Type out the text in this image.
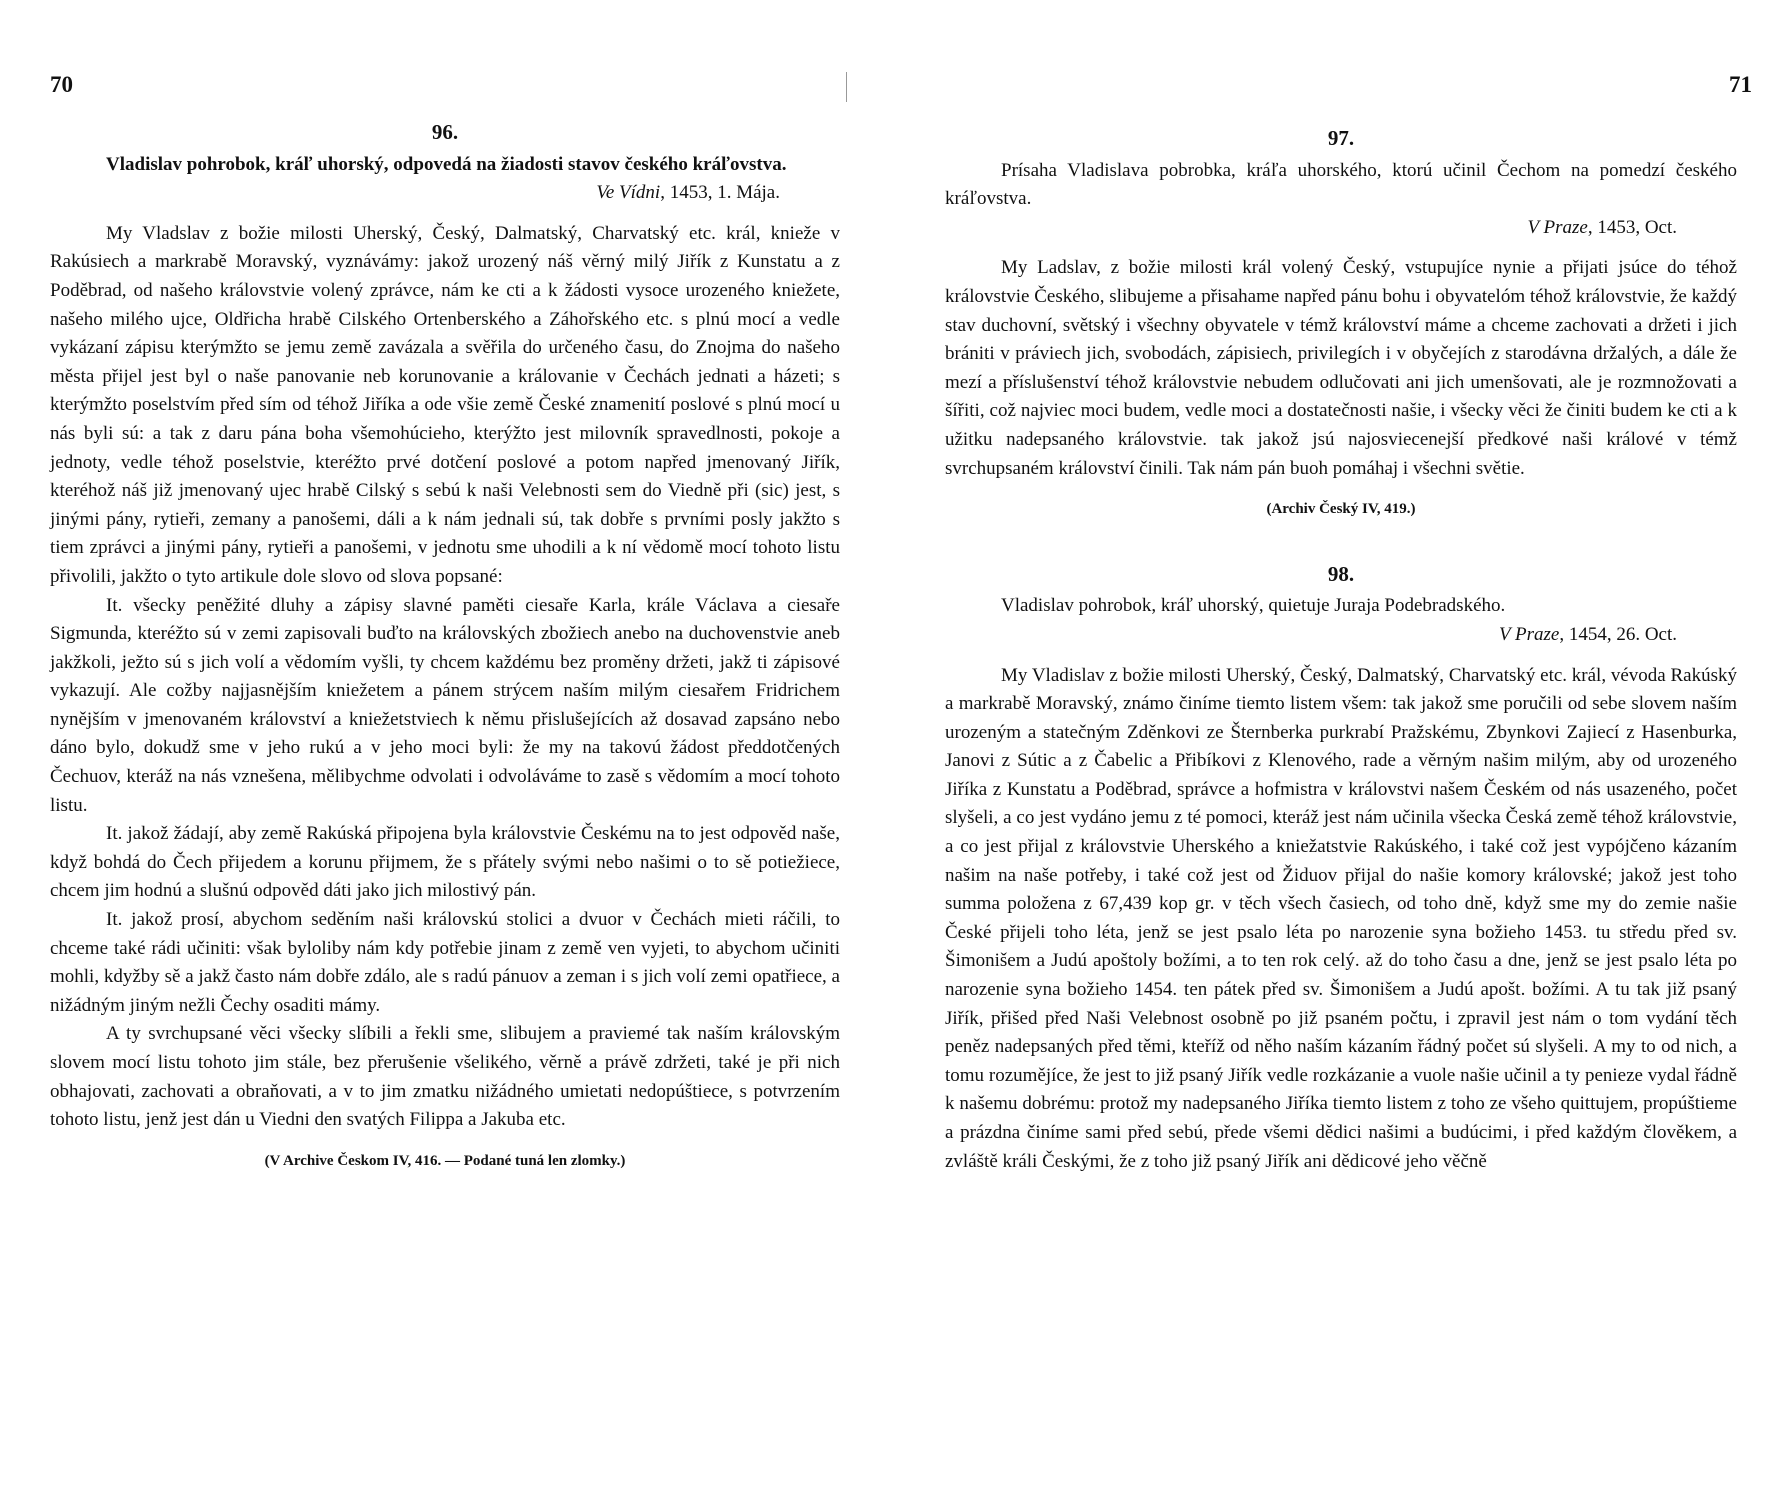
70

96.

Vladislav pohrobok, kráľ uhorský, odpovedá na žiadosti stavov českého kráľovstva.

Ve Vídni, 1453, 1. Mája.

My Vladslav z božie milosti Uherský, Český, Dalmatský, Charvatský etc. král, knieže v Rakúsiech a markrabě Moravský, vyznávámy: jakož urozený náš věrný milý Jiřík z Kunstatu a z Poděbrad, od našeho královstvie volený zprávce, nám ke cti a k žádosti vysoce urozeného kniežete, našeho milého ujce, Oldřicha hrabě Cilského Ortenberského a Záhořského etc. s plnú mocí a vedle vykázaní zápisu kterýmžto se jemu země zavázala a svěřila do určeného času, do Znojma do našeho města přijel jest byl o naše panovanie neb korunovanie a královanie v Čechách jednati a házeti; s kterýmžto poselstvím před sím od téhož Jiříka a ode všie země České znamenití poslové s plnú mocí u nás byli sú: a tak z daru pána boha všemohúcieho, kterýžto jest milovník spravedlnosti, pokoje a jednoty, vedle téhož poselstvie, kteréžto prvé dotčení poslové a potom napřed jmenovaný Jiřík, kteréhož náš již jmenovaný ujec hrabě Cilský s sebú k naši Velebnosti sem do Viedně při (sic) jest, s jinými pány, rytieři, zemany a panošemi, dáli a k nám jednali sú, tak dobře s prvními posly jakžto s tiem zprávci a jinými pány, rytieři a panošemi, v jednotu sme uhodili a k ní vědomě mocí tohoto listu přivolili, jakžto o tyto artikule dole slovo od slova popsané:

It. všecky peněžité dluhy a zápisy slavné paměti ciesaře Karla, krále Václava a ciesaře Sigmunda, kteréžto sú v zemi zapisovali buďto na královských zbožiech anebo na duchovenstvie aneb jakžkoli, ježto sú s jich volí a vědomím vyšli, ty chcem každému bez proměny držeti, jakž ti zápisové vykazují. Ale cožby najjasnějším kniežetem a pánem strýcem naším milým ciesařem Fridrichem nynějším v jmenovaném království a kniežetstviech k němu přislušejících až dosavad zapsáno nebo dáno bylo, dokudž sme v jeho rukú a v jeho moci byli: že my na takovú žádost předdotčených Čechuov, kteráž na nás vznešena, mělibychme odvolati i odvoláváme to zasě s vědomím a mocí tohoto listu.

It. jakož žádají, aby země Rakúská připojena byla královstvie Českému na to jest odpověd naše, když bohdá do Čech přijedem a korunu přijmem, že s přátely svými nebo našimi o to sě potiežiece, chcem jim hodnú a slušnú odpověd dáti jako jich milostivý pán.

It. jakož prosí, abychom seděním naši královskú stolici a dvuor v Čechách mieti ráčili, to chceme také rádi učiniti: však byloliby nám kdy potřebie jinam z země ven vyjeti, to abychom učiniti mohli, kdyžby sě a jakž často nám dobře zdálo, ale s radú pánuov a zeman i s jich volí zemi opatřiece, a nižádným jiným nežli Čechy osaditi mámy.

A ty svrchupsané věci všecky slíbili a řekli sme, slibujem a praviemé tak naším královským slovem mocí listu tohoto jim stále, bez přerušenie všelikého, věrně a právě zdržeti, také je při nich obhajovati, zachovati a obraňovati, a v to jim zmatku nižádného umietati nedopúštiece, s potvrzením tohoto listu, jenž jest dán u Viedni den svatých Filippa a Jakuba etc.

(V Archive Českom IV, 416. — Podané tuná len zlomky.)

71

97.

Prísaha Vladislava pobrobka, kráľa uhorského, ktorú učinil Čechom na pomedzí českého kráľovstva.

V Praze, 1453, Oct.

My Ladslav, z božie milosti král volený Český, vstupujíce nynie a přijati jsúce do téhož královstvie Českého, slibujeme a přisahame napřed pánu bohu i obyvatelóm téhož královstvie, že každý stav duchovní, světský i všechny obyvatele v témž království máme a chceme zachovati a držeti i jich brániti v práviech jich, svobodách, zápisiech, privilegích i v obyčejích z starodávna držalých, a dále že mezí a příslušenství téhož královstvie nebudem odlučovati ani jich umenšovati, ale je rozmnožovati a šířiti, což najviec moci budem, vedle moci a dostatečnosti našie, i všecky věci že činiti budem ke cti a k užitku nadepsaného královstvie. tak jakož jsú najosviecenejší předkové naši králové v témž svrchupsaném království činili. Tak nám pán buoh pomáhaj i všechni světie.

(Archiv Český IV, 419.)

98.

Vladislav pohrobok, kráľ uhorský, quietuje Juraja Podebradského.

V Praze, 1454, 26. Oct.

My Vladislav z božie milosti Uherský, Český, Dalmatský, Charvatský etc. král, vévoda Rakúský a markrabě Moravský, známo činíme tiemto listem všem: tak jakož sme poručili od sebe slovem naším urozeným a statečným Zděnkovi ze Šternberka purkrabí Pražskému, Zbynkovi Zajiecí z Hasenburka, Janovi z Sútic a z Čabelic a Přibíkovi z Klenového, rade a věrným našim milým, aby od urozeného Jiříka z Kunstatu a Poděbrad, správce a hofmistra v královstvi našem Českém od nás usazeného, počet slyšeli, a co jest vydáno jemu z té pomoci, kteráž jest nám učinila všecka Česká země téhož královstvie, a co jest přijal z královstvie Uherského a kniežatstvie Rakúského, i také což jest vypójčeno kázaním našim na naše potřeby, i také což jest od Židuov přijal do našie komory královské; jakož jest toho summa položena z 67,439 kop gr. v těch všech časiech, od toho dně, když sme my do zemie našie České přijeli toho léta, jenž se jest psalo léta po narozenie syna božieho 1453. tu středu před sv. Šimonišem a Judú apoštoly božími, a to ten rok celý. až do toho času a dne, jenž se jest psalo léta po narozenie syna božieho 1454. ten pátek před sv. Šimonišem a Judú apošt. božími. A tu tak již psaný Jiřík, přišed před Naši Velebnost osobně po již psaném počtu, i zpravil jest nám o tom vydání těch peněz nadepsaných před těmi, kteříž od něho naším kázaním řádný počet sú slyšeli. A my to od nich, a tomu rozumějíce, že jest to již psaný Jiřík vedle rozkázanie a vuole našie učinil a ty penieze vydal řádně k našemu dobrému: protož my nadepsaného Jiříka tiemto listem z toho ze všeho quittujem, propúštieme a prázdna činíme sami před sebú, přede všemi dědici našimi a budúcimi, i před každým člověkem, a zvláště králi Českými, že z toho již psaný Jiřík ani dědicové jeho věčně
